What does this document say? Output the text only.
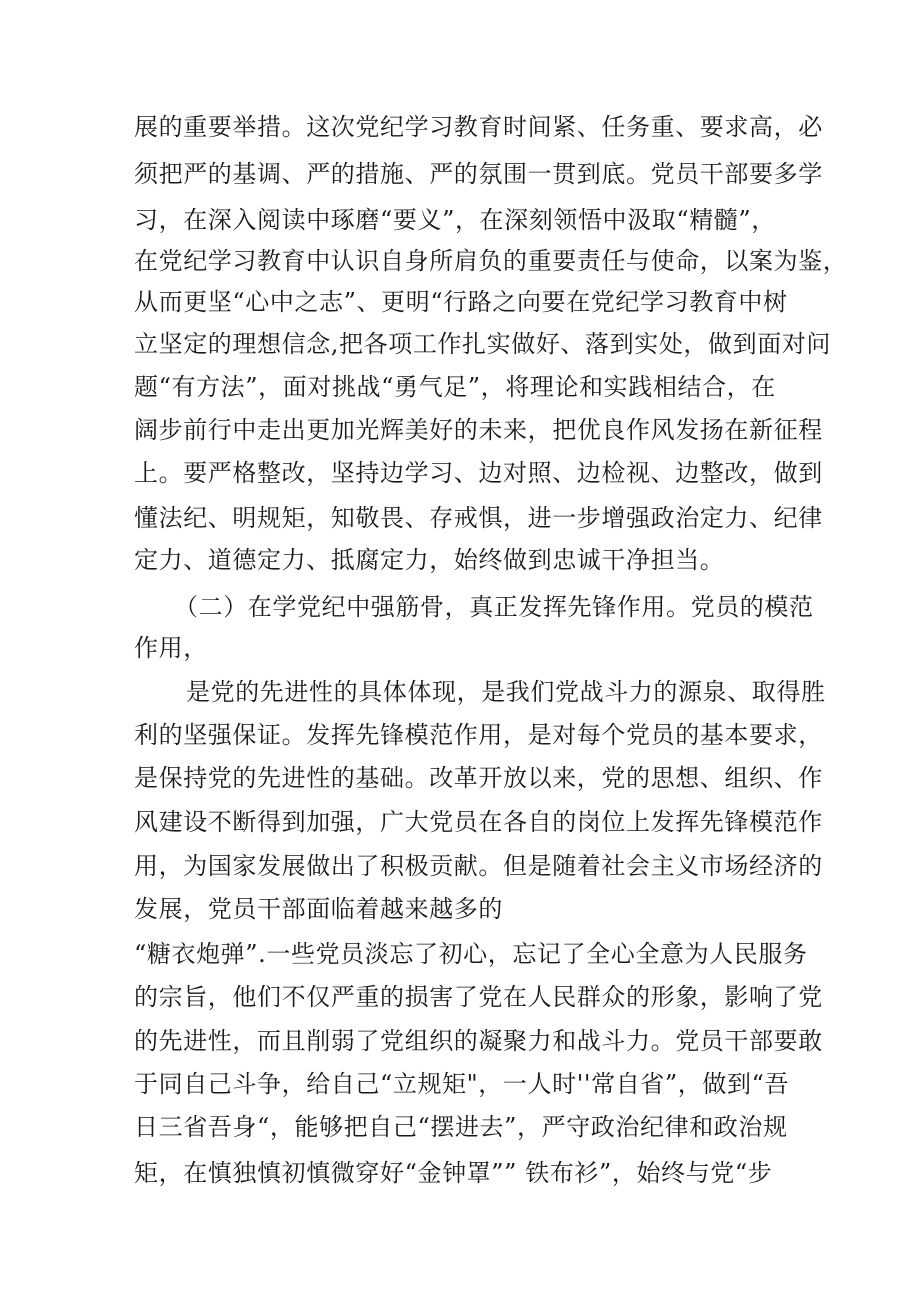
展的重要举措。这次党纪学习教育时间紧、任务重、要求高，必
须把严的基调、严的措施、严的氛围一贯到底。党员干部要多学
习，在深入阅读中琢磨“要义”，在深刻领悟中汲取“精髓”，
在党纪学习教育中认识自身所肩负的重要责任与使命，以案为鉴，
从而更坚“心中之志”、更明“行路之向要在党纪学习教育中树
立坚定的理想信念,把各项工作扎实做好、落到实处，做到面对问
题“有方法”，面对挑战“勇气足”，将理论和实践相结合，在
阔步前行中走出更加光辉美好的未来，把优良作风发扬在新征程
上。要严格整改，坚持边学习、边对照、边检视、边整改，做到
懂法纪、明规矩，知敬畏、存戒惧，进一步增强政治定力、纪律
定力、道德定力、抵腐定力，始终做到忠诚干净担当。
（二）在学党纪中强筋骨，真正发挥先锋作用。党员的模范
作用，
是党的先进性的具体体现，是我们党战斗力的源泉、取得胜
利的坚强保证。发挥先锋模范作用，是对每个党员的基本要求，
是保持党的先进性的基础。改革开放以来，党的思想、组织、作
风建设不断得到加强，广大党员在各自的岗位上发挥先锋模范作
用，为国家发展做出了积极贡献。但是随着社会主义市场经济的
发展，党员干部面临着越来越多的
“糖衣炮弹”.一些党员淡忘了初心，忘记了全心全意为人民服务
的宗旨，他们不仅严重的损害了党在人民群众的形象，影响了党
的先进性，而且削弱了党组织的凝聚力和战斗力。党员干部要敢
于同自己斗争，给自己“立规矩"，一人时''常自省”，做到“吾
日三省吾身“，能够把自己“摆进去”，严守政治纪律和政治规
矩，在慎独慎初慎微穿好“金钟罩”” 铁布衫”，始终与党“步
